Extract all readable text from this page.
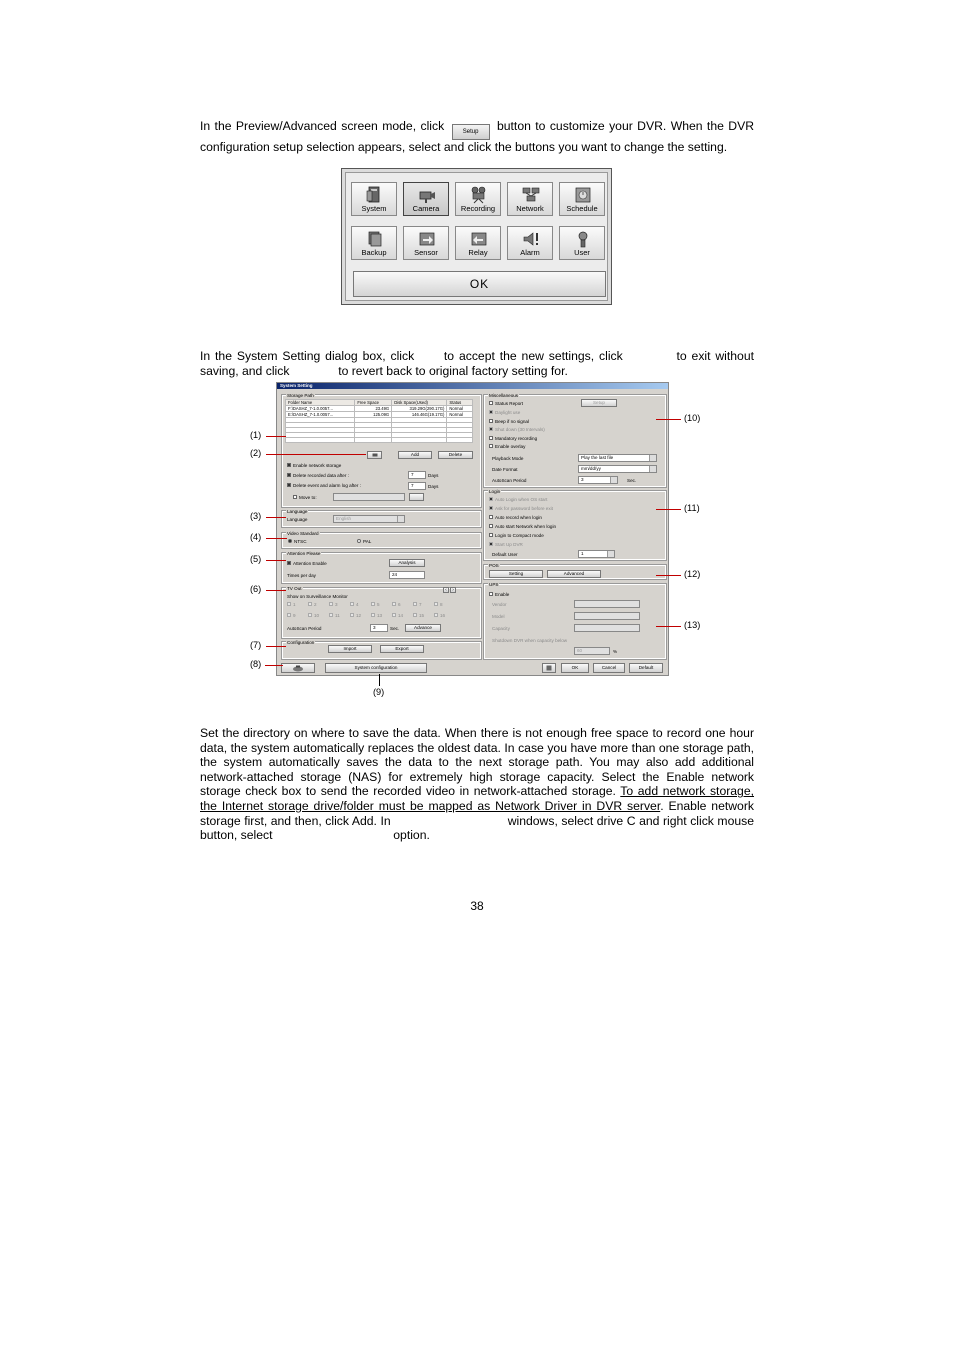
In the Preview/Advanced screen mode, click	Setup button to customize your DVR. When the DVR configuration setup selection appears, select and click the buttons you want to change the setting.

System	Camera	Recording	Network	Schedule
Backup	Sensor	Relay	Alarm	User
OK

In the System Setting dialog box, click to accept the new settings, click	to exit without saving, and click	to revert back to original factory setting for.

System Setting
Storage Path
Folder Name	Free Space	Disk Space(Used)	Status
F:\DASHZ_7-1.0.0057...	23.49G	319.29G(290.17G)	Normal
E:\DASHZ_7-1.0.0057...	125.09G	146.46G(19.17G)	Normal

Add	Delete
Enable network storage
Delete recorded data after :	7	Days
Delete event and alarm log after :	7	Days
Move to:
Language
Language	English
Video Standard
NTSC	PAL
Attention Please
Attention Enable	Analysis
Times per day	24
TV Out
Show on Surveillance Monitor
‹	›
AutoScan Period	3	Sec.	Advance
Configuration
Import	Export
System configuration	OK	Cancel	Default
Miscellaneous
Status Report	Setup
Daylight use
Beep if no signal
Shut down (30 Intervals)
Mandatory recording
Enable overlay
Playback Mode	Play the last file
Date Format	mm/dd/yy
AutoScan Period	3	Sec.
Login
Auto Login when OS start
Ask for password before exit
Auto record when login
Auto start Network when login
Login to Compact mode
Start Up DVR
Default User	1
POS
Setting	Advanced
UPS
Enable
Vendor
Model
Capacity
Shutdown DVR when capacity below
60	%
1	2	3	4	5	6	7	8
9	10	11	12	13	14	15	16
(1)
(2)
(3)
(4)
(5)
(6)
(7)
(8)
(10)
(11)
(12)
(13)
(9)

Set the directory on where to save the data. When there is not enough free space to record one hour data, the system automatically replaces the oldest data. In case you have more than one storage path, the system automatically saves the data to the next storage path. You may also add additional network-attached storage (NAS) for extremely high storage capacity. Select the Enable network storage check box to send the recorded video in network-attached storage. To add network storage, the Internet storage drive/folder must be mapped as Network Driver in DVR server. Enable network storage first, and then, click Add. In	windows, select drive C and right click mouse button, select	option.

38
